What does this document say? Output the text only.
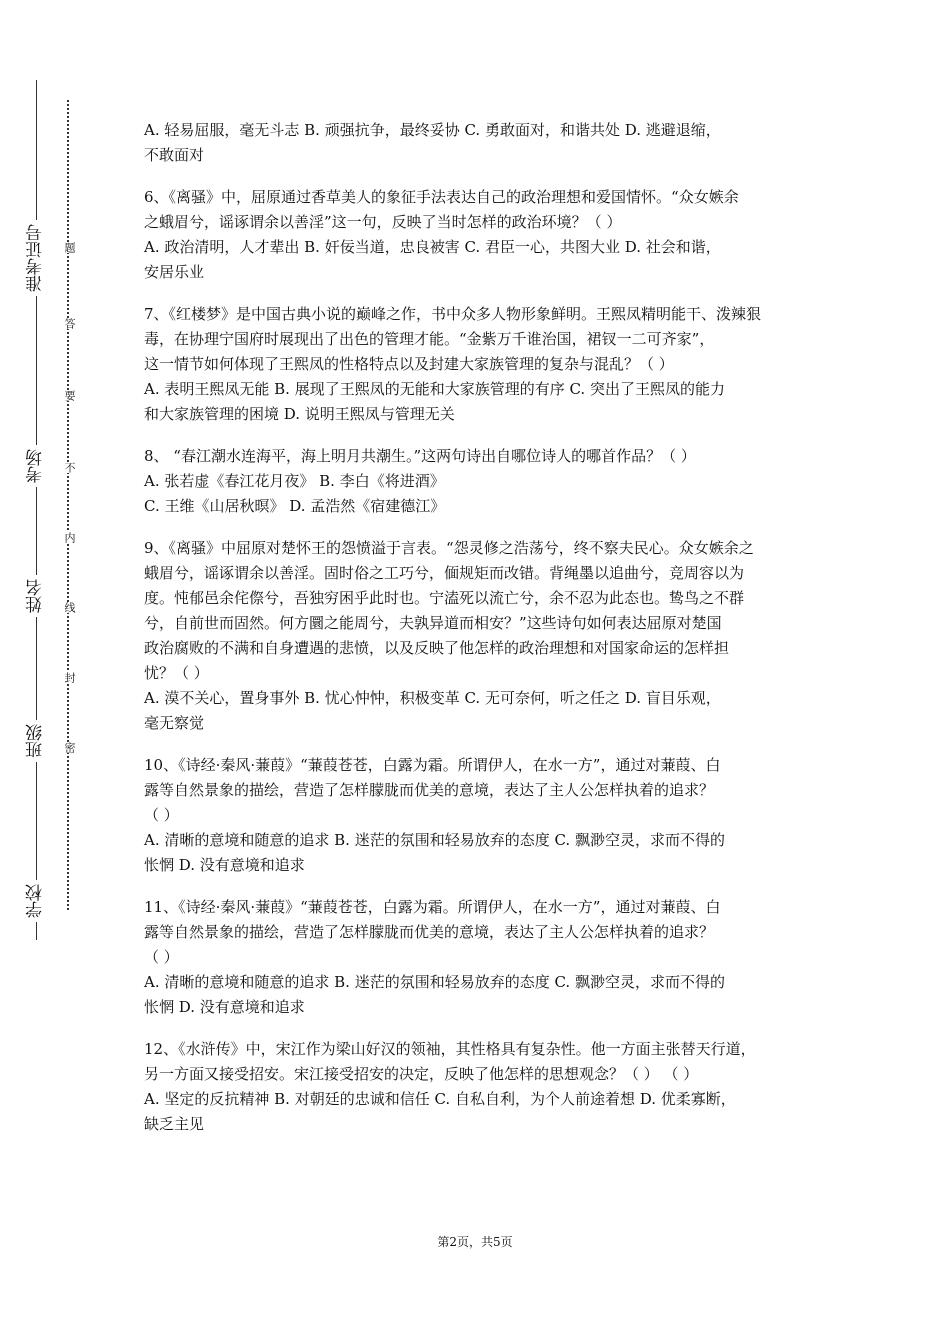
准考证号
考场
姓名
班级
学校
题
答
要
不
内
线
封
密

A. 轻易屈服，毫无斗志 B. 顽强抗争，最终妥协 C. 勇敢面对，和谐共处 D. 逃避退缩，

不敢面对

6、《离骚》中，屈原通过香草美人的象征手法表达自己的政治理想和爱国情怀。“众女嫉余

之蛾眉兮，谣诼谓余以善淫”这一句，反映了当时怎样的政治环境？（ ）

A. 政治清明，人才辈出 B. 奸佞当道，忠良被害 C. 君臣一心，共图大业 D. 社会和谐，

安居乐业

7、《红楼梦》是中国古典小说的巅峰之作，书中众多人物形象鲜明。王熙凤精明能干、泼辣狠

毒，在协理宁国府时展现出了出色的管理才能。“金紫万千谁治国，裙钗一二可齐家”，

这一情节如何体现了王熙凤的性格特点以及封建大家族管理的复杂与混乱？（ ）

A. 表明王熙凤无能 B. 展现了王熙凤的无能和大家族管理的有序 C. 突出了王熙凤的能力

和大家族管理的困境 D. 说明王熙凤与管理无关

8、 “春江潮水连海平，海上明月共潮生。”这两句诗出自哪位诗人的哪首作品？（ ）

A. 张若虚《春江花月夜》 B. 李白《将进酒》

C. 王维《山居秋暝》 D. 孟浩然《宿建德江》

9、《离骚》中屈原对楚怀王的怨愤溢于言表。“怨灵修之浩荡兮，终不察夫民心。众女嫉余之

蛾眉兮，谣诼谓余以善淫。固时俗之工巧兮，偭规矩而改错。背绳墨以追曲兮，竞周容以为

度。忳郁邑余侘傺兮，吾独穷困乎此时也。宁溘死以流亡兮，余不忍为此态也。鸷鸟之不群

兮，自前世而固然。何方圜之能周兮，夫孰异道而相安？”这些诗句如何表达屈原对楚国

政治腐败的不满和自身遭遇的悲愤，以及反映了他怎样的政治理想和对国家命运的怎样担

忧？（ ）

A. 漠不关心，置身事外 B. 忧心忡忡，积极变革 C. 无可奈何，听之任之 D. 盲目乐观，

毫无察觉

10、《诗经·秦风·蒹葭》“蒹葭苍苍，白露为霜。所谓伊人，在水一方”，通过对蒹葭、白

露等自然景象的描绘，营造了怎样朦胧而优美的意境，表达了主人公怎样执着的追求？

（ ）

A. 清晰的意境和随意的追求 B. 迷茫的氛围和轻易放弃的态度 C. 飘渺空灵，求而不得的

怅惘 D. 没有意境和追求

11、《诗经·秦风·蒹葭》“蒹葭苍苍，白露为霜。所谓伊人，在水一方”，通过对蒹葭、白

露等自然景象的描绘，营造了怎样朦胧而优美的意境，表达了主人公怎样执着的追求？

（ ）

A. 清晰的意境和随意的追求 B. 迷茫的氛围和轻易放弃的态度 C. 飘渺空灵，求而不得的

怅惘 D. 没有意境和追求

12、《水浒传》中，宋江作为梁山好汉的领袖，其性格具有复杂性。他一方面主张替天行道，

另一方面又接受招安。宋江接受招安的决定，反映了他怎样的思想观念？（ ） （ ）

A. 坚定的反抗精神 B. 对朝廷的忠诚和信任 C. 自私自利，为个人前途着想 D. 优柔寡断，

缺乏主见

第2页，共5页
